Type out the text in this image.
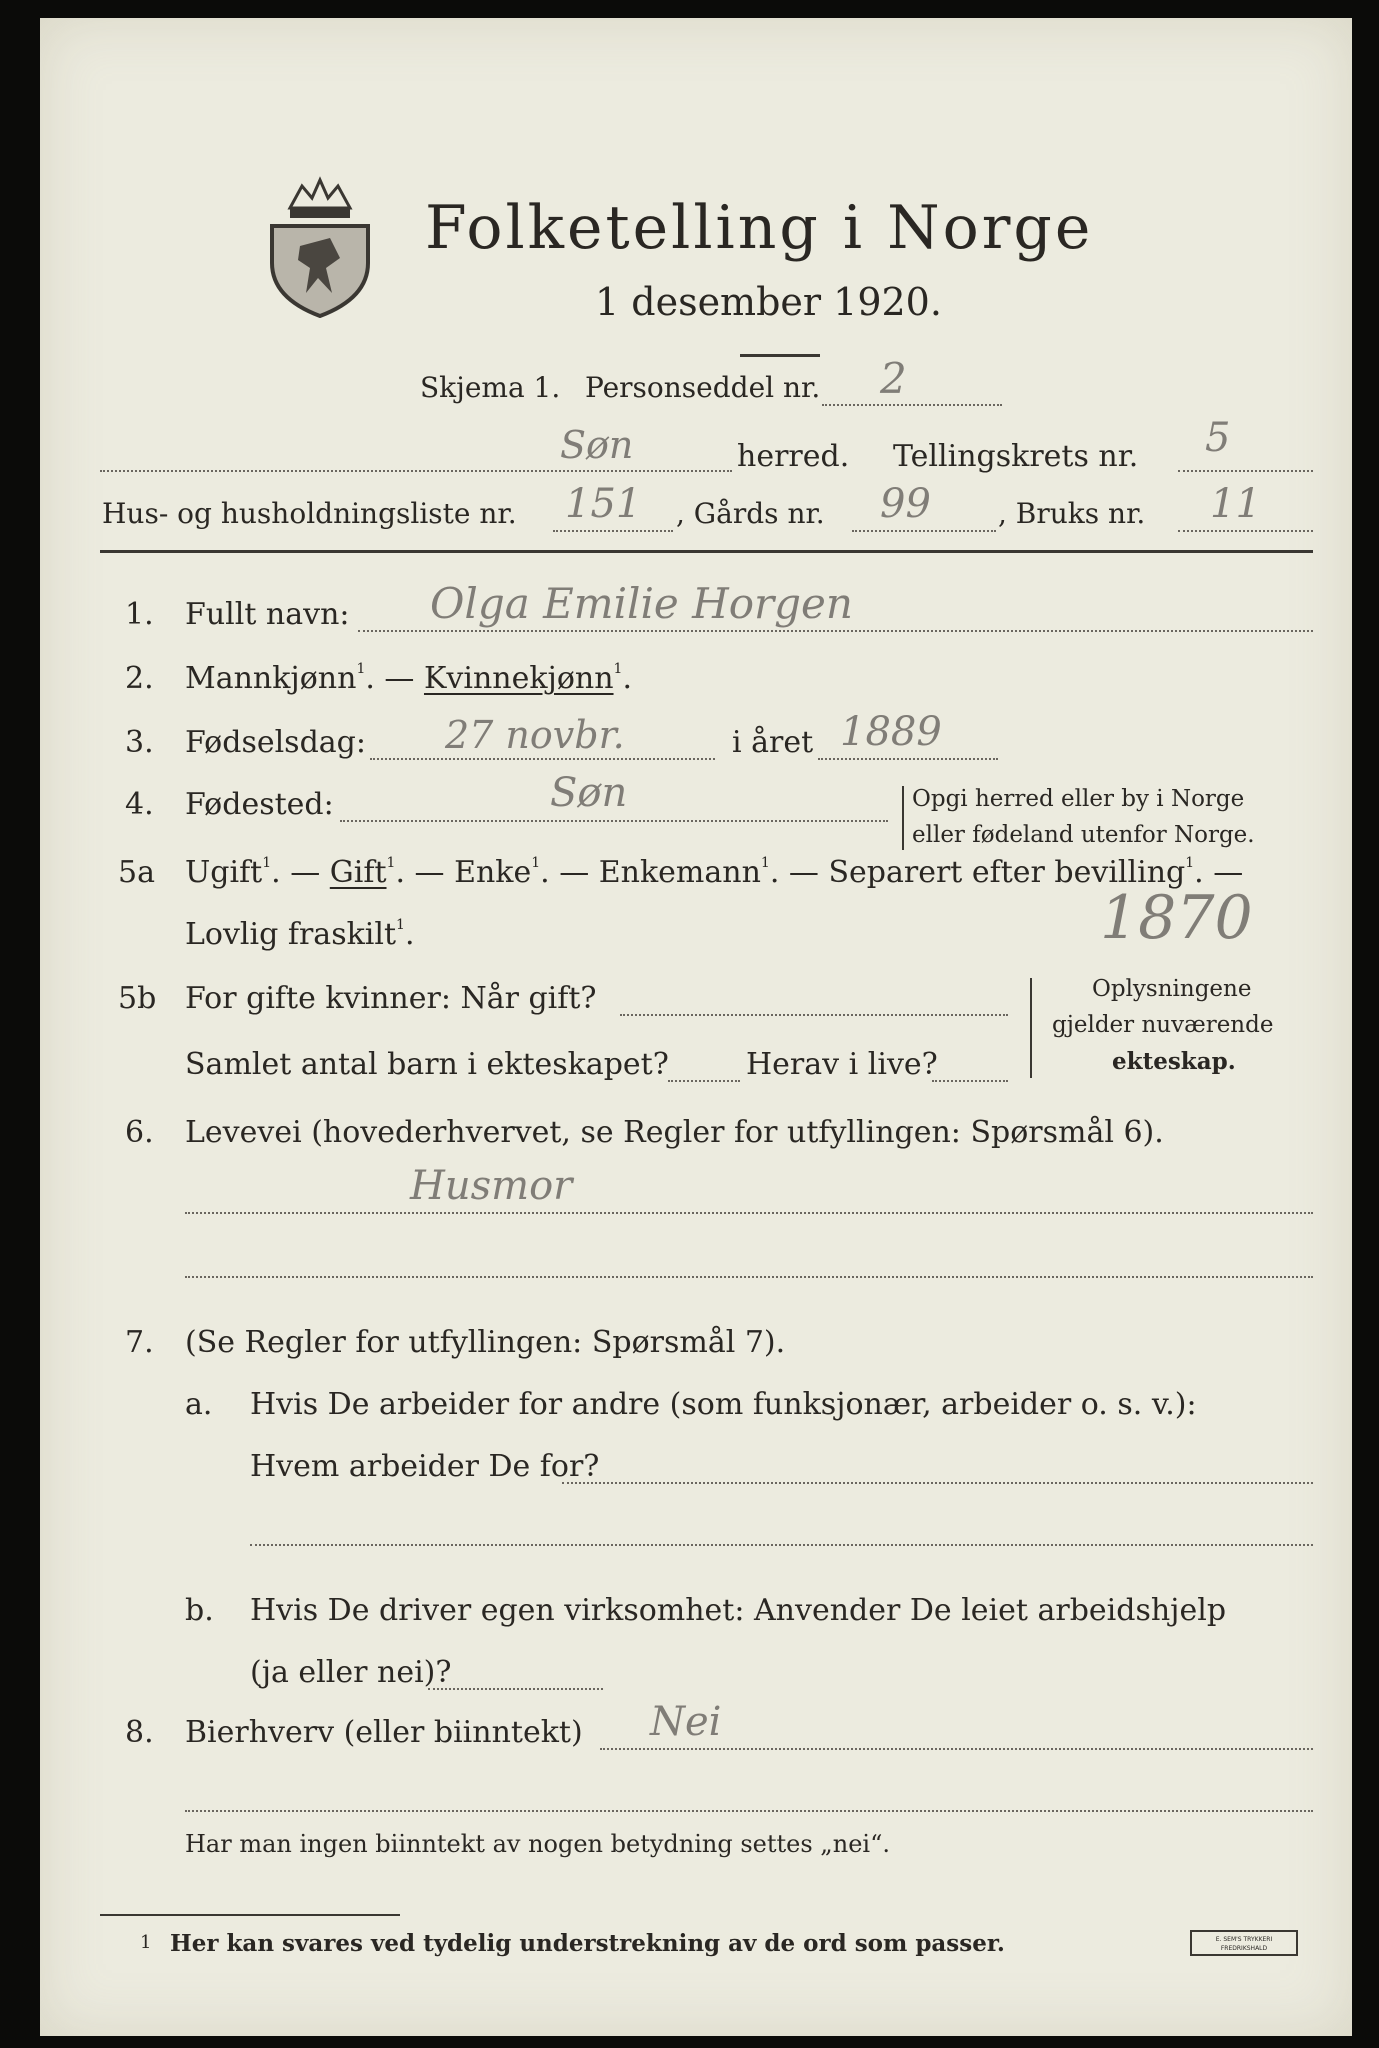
Folketelling i Norge
1 desember 1920.
Skjema 1. Personseddel nr. 2
Søn	herred. Tellingskrets nr. 5
Hus- og husholdningsliste nr. 151 , Gårds nr. 99 , Bruks nr. 11
1. Fullt navn: Olga Emilie Horgen
2. Mannkjønn$^1$. — Kvinnekjønn$^1$.
3. Fødselsdag: 27 novbr.	i året 1889
4. Fødested:	Søn	Opgi herred eller by i Norge
eller fødeland utenfor Norge.
5a Ugift$^1$. — Gift$^1$. — Enke$^1$. — Enkemann$^1$. — Separert efter bevilling$^1$. —
Lovlig fraskilt$^1$.	1870
5b For gifte kvinner: Når gift?
Samlet antal barn i ekteskapet?	Herav i live?
Oplysningene
gjelder nuværende
ekteskap.
6. Levevei (hovederhvervet, se Regler for utfyllingen: Spørsmål 6).
Husmor
7. (Se Regler for utfyllingen: Spørsmål 7).
a. Hvis De arbeider for andre (som funksjonær, arbeider o. s. v.):
Hvem arbeider De for?
b. Hvis De driver egen virksomhet: Anvender De leiet arbeidshjelp
(ja eller nei)?
8. Bierhverv (eller biinntekt) Nei
Har man ingen biinntekt av nogen betydning settes „nei“.
1 Her kan svares ved tydelig understrekning av de ord som passer.	E. SEM'S TRYKKERI FREDRIKSHALD
